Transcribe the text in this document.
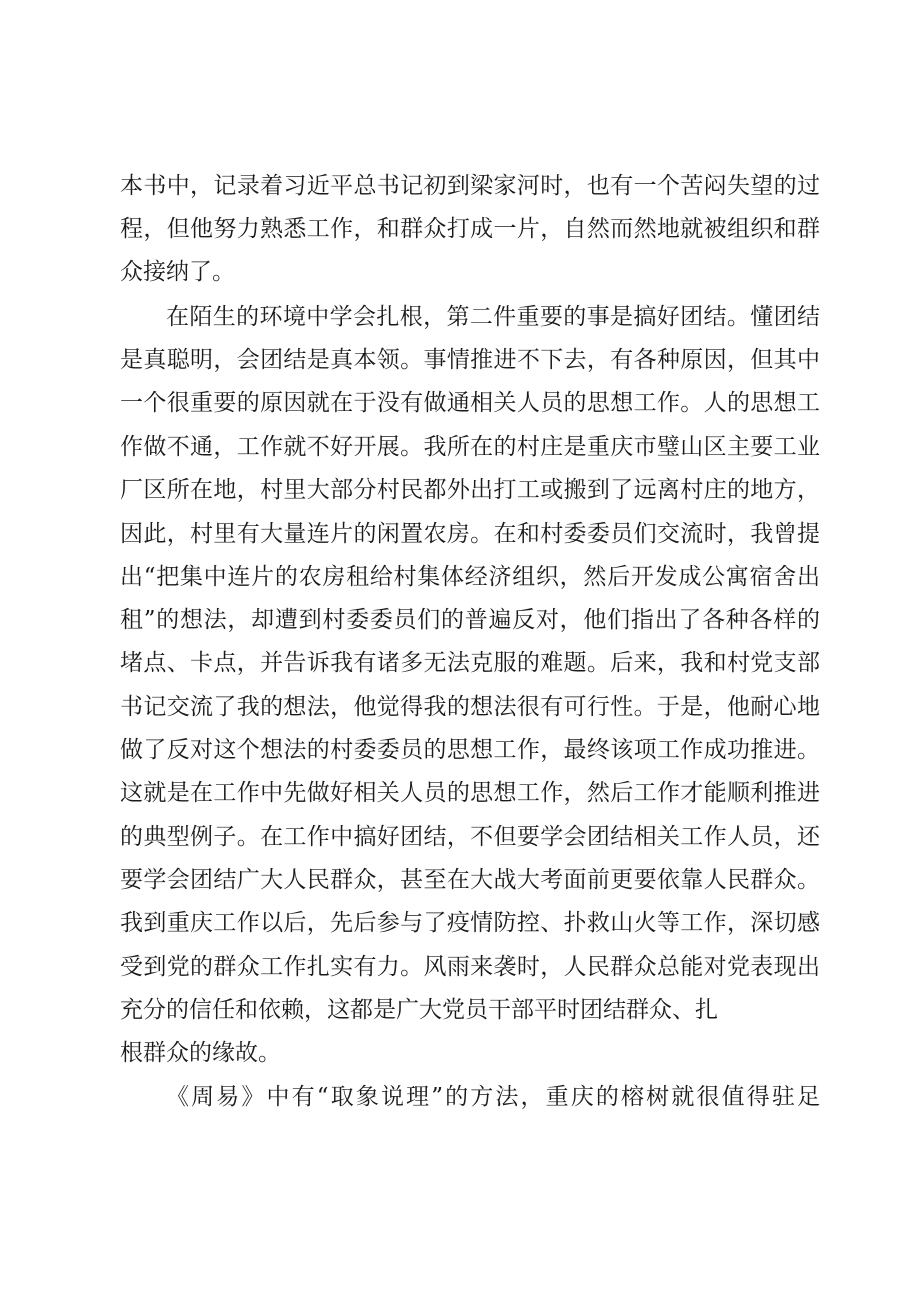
本书中，记录着习近平总书记初到梁家河时，也有一个苦闷失望的过
程，但他努力熟悉工作，和群众打成一片，自然而然地就被组织和群
众接纳了。
在陌生的环境中学会扎根，第二件重要的事是搞好团结。懂团结
是真聪明，会团结是真本领。事情推进不下去，有各种原因，但其中
一个很重要的原因就在于没有做通相关人员的思想工作。人的思想工
作做不通，工作就不好开展。我所在的村庄是重庆市璧山区主要工业
厂区所在地，村里大部分村民都外出打工或搬到了远离村庄的地方，
因此，村里有大量连片的闲置农房。在和村委委员们交流时，我曾提
出“把集中连片的农房租给村集体经济组织，然后开发成公寓宿舍出
租”的想法，却遭到村委委员们的普遍反对，他们指出了各种各样的
堵点、卡点，并告诉我有诸多无法克服的难题。后来，我和村党支部
书记交流了我的想法，他觉得我的想法很有可行性。于是，他耐心地
做了反对这个想法的村委委员的思想工作，最终该项工作成功推进。
这就是在工作中先做好相关人员的思想工作，然后工作才能顺利推进
的典型例子。在工作中搞好团结，不但要学会团结相关工作人员，还
要学会团结广大人民群众，甚至在大战大考面前更要依靠人民群众。
我到重庆工作以后，先后参与了疫情防控、扑救山火等工作，深切感
受到党的群众工作扎实有力。风雨来袭时，人民群众总能对党表现出
充分的信任和依赖，这都是广大党员干部平时团结群众、扎
根群众的缘故。
《周易》中有“取象说理”的方法，重庆的榕树就很值得驻足
